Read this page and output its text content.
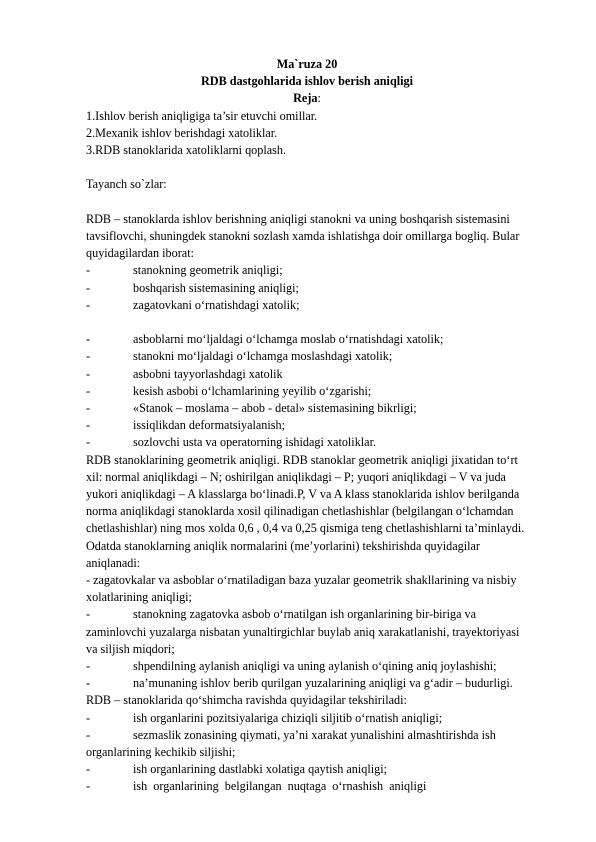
Ma`ruza 20

RDB dastgohlarida ishlov berish aniqligi

Reja:

1.Ishlov berish aniqligiga ta’sir etuvchi omillar.

2.Mexanik ishlov berishdagi xatoliklar.

3.RDB stanoklarida xatoliklarni qoplash.

Tayanch so`zlar:

RDB – stanoklarda ishlov berishning aniqligi stanokni va uning boshqarish sistemasini tavsiflovchi, shuningdek stanokni sozlash xamda ishlatishga doir omillarga bogliq. Bular quyidagilardan iborat:

-	stanokning geometrik aniqligi;
-	boshqarish sistemasining aniqligi;
-	zagatovkani o‘rnatishdagi xatolik;
-	asboblarni mo‘ljaldagi o‘lchamga moslab o‘rnatishdagi xatolik;
-	stanokni mo‘ljaldagi o‘lchamga moslashdagi xatolik;
-	asbobni tayyorlashdagi xatolik
-	kesish asbobi o‘lchamlarining yeyilib o‘zgarishi;
-	«Stanok – moslama – abob - detal» sistemasining bikrligi;
-	issiqlikdan deformatsiyalanish;
-	sozlovchi usta va operatorning ishidagi xatoliklar.

RDB stanoklarining geometrik aniqligi. RDB stanoklar geometrik aniqligi jixatidan to‘rt xil: normal aniqlikdagi – N; oshirilgan aniqlikdagi – P; yuqori aniqlikdagi – V va juda yukori aniqlikdagi – A klasslarga bo‘linadi.P, V va A klass stanoklarida ishlov berilganda norma aniqlikdagi stanoklarda xosil qilinadigan chetlashishlar (belgilangan o‘lchamdan chetlashishlar) ning mos xolda 0,6 , 0,4 va 0,25 qismiga teng chetlashishlarni ta’minlaydi.

Odatda stanoklarning aniqlik normalarini (me’yorlarini) tekshirishda quyidagilar aniqlanadi:

- zagatovkalar va asboblar o‘rnatiladigan baza yuzalar geometrik shakllarining va nisbiy xolatlarining aniqligi;

-	stanokning zagatovka asbob o‘rnatilgan ish organlarining bir-biriga va zaminlovchi yuzalarga nisbatan yunaltirgichlar buylab aniq xarakatlanishi, trayektoriyasi va siljish miqdori;

-	shpendilning aylanish aniqligi va uning aylanish o‘qining aniq joylashishi;

-	na’munaning ishlov berib qurilgan yuzalarining aniqligi va g‘adir – budurligi.

RDB – stanoklarida qo‘shimcha ravishda quyidagilar tekshiriladi:

-	ish organlarini pozitsiyalariga chiziqli siljitib o‘rnatish aniqligi;

-	sezmaslik zonasining qiymati, ya’ni xarakat yunalishini almashtirishda ish organlarining kechikib siljishi;

-	ish organlarining dastlabki xolatiga qaytish aniqligi;
-	ish organlarining belgilangan nuqtaga o‘rnashish aniqligi
